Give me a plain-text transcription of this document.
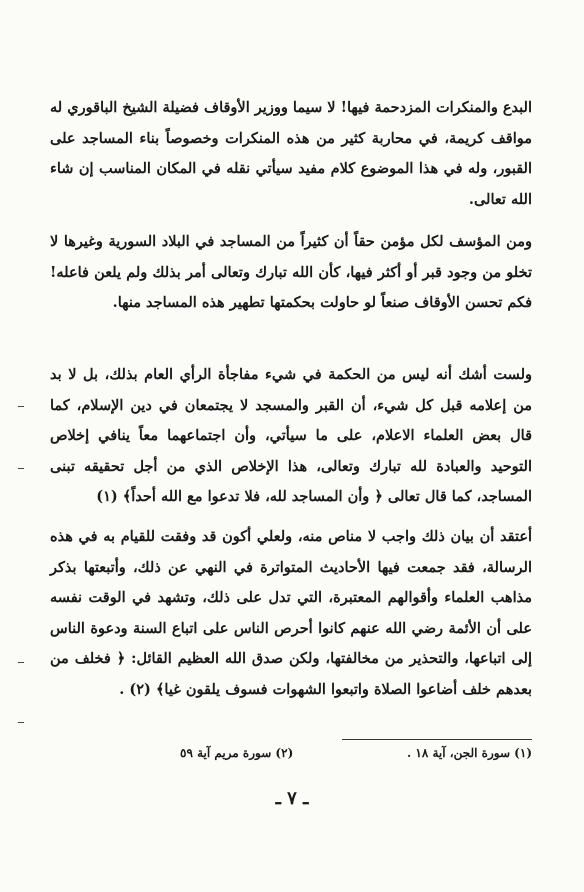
البدع والمنكرات المزدحمة فيها! لا سيما ووزير الأوقاف فضيلة الشيخ الباقوري له مواقف كريمة، في محاربة كثير من هذه المنكرات وخصوصاً بناء المساجد على القبور، وله في هذا الموضوع كلام مفيد سيأتي نقله في المكان المناسب إن شاء الله تعالى.

ومن المؤسف لكل مؤمن حقاً أن كثيراً من المساجد في البلاد السورية وغيرها لا تخلو من وجود قبر أو أكثر فيها، كأن الله تبارك وتعالى أمر بذلك ولم يلعن فاعله! فكم تحسن الأوقاف صنعاً لو حاولت بحكمتها تطهير هذه المساجد منها.

ولست أشك أنه ليس من الحكمة في شيء مفاجأة الرأي العام بذلك، بل لا بد من إعلامه قبل كل شيء، أن القبر والمسجد لا يجتمعان في دين الإسلام، كما قال بعض العلماء الاعلام، على ما سيأتي، وأن اجتماعهما معاً ينافي إخلاص التوحيد والعبادة لله تبارك وتعالى، هذا الإخلاص الذي من أجل تحقيقه تبنى المساجد، كما قال تعالى ﴿ وأن المساجد لله، فلا تدعوا مع الله أحداً﴾ (١)

أعتقد أن بيان ذلك واجب لا مناص منه، ولعلي أكون قد وفقت للقيام به في هذه الرسالة، فقد جمعت فيها الأحاديث المتواترة في النهي عن ذلك، وأتبعتها بذكر مذاهب العلماء وأقوالهم المعتبرة، التي تدل على ذلك، وتشهد في الوقت نفسه على أن الأئمة رضي الله عنهم كانوا أحرص الناس على اتباع السنة ودعوة الناس إلى اتباعها، والتحذير من مخالفتها، ولكن صدق الله العظيم القائل: ﴿ فخلف من بعدهم خلف أضاعوا الصلاة واتبعوا الشهوات فسوف يلقون غيا﴾ (٢) .

(١) سورة الجن، آية ١٨ .
(٢) سورة مريم آية ٥٩
ـ ٧ ـ
